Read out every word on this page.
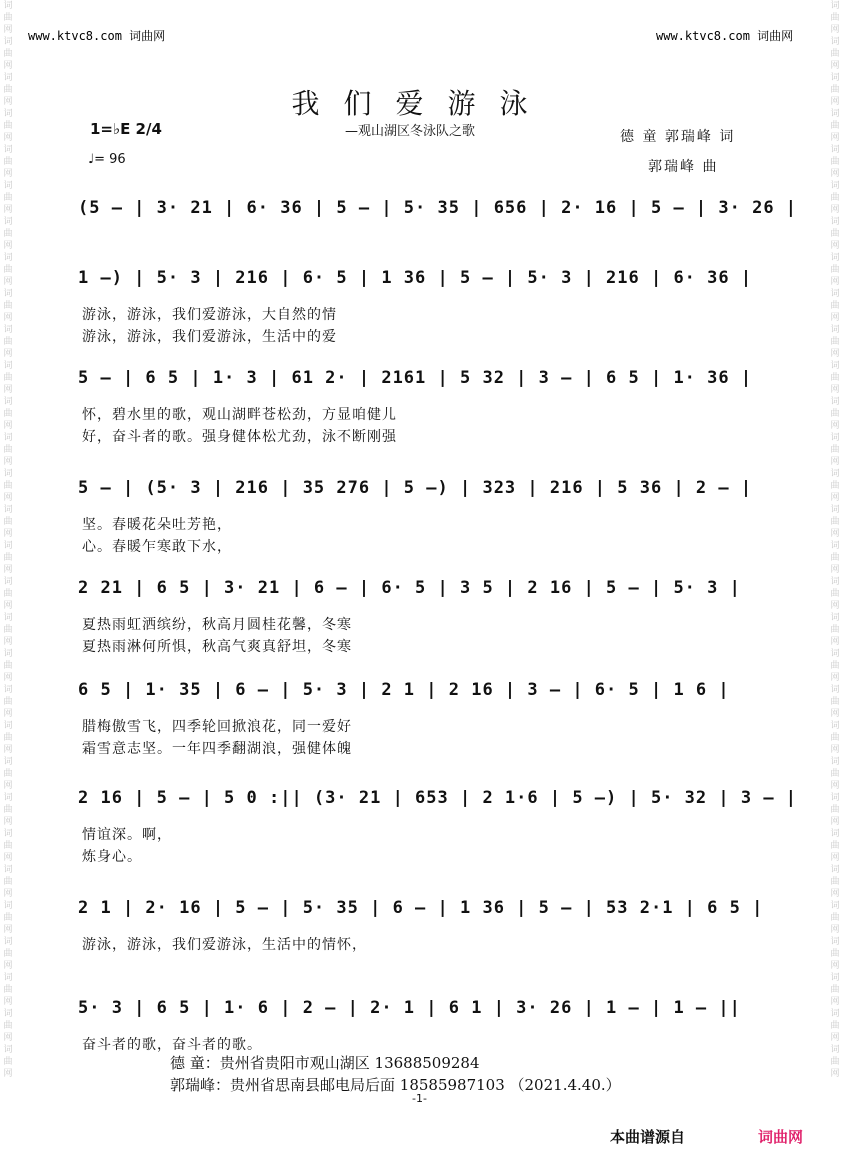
词曲网词曲网词曲网词曲网词曲网词曲网词曲网词曲网词曲网词曲网词曲网词曲网词曲网词曲网词曲网词曲网词曲网词曲网词曲网词曲网词曲网词曲网词曲网词曲网词曲网词曲网词曲网词曲网词曲网词曲网
词曲网词曲网词曲网词曲网词曲网词曲网词曲网词曲网词曲网词曲网词曲网词曲网词曲网词曲网词曲网词曲网词曲网词曲网词曲网词曲网词曲网词曲网词曲网词曲网词曲网词曲网词曲网词曲网词曲网词曲网
www.ktvc8.com 词曲网	www.ktvc8.com 词曲网
我们爱游泳
—观山湖区冬泳队之歌	德 童 郭瑞峰 词
郭瑞峰 曲
1=♭E 2/4
♩= 96
(5 – | 3· 21 | 6· 36 | 5 – | 5· 35 | 656 | 2· 16 | 5 – | 3· 26 |
1 –) | 5· 3 | 216 | 6· 5 | 1 36 | 5 – | 5· 3 | 216 | 6· 36 |
游泳，游泳，我们爱游泳，大自然的情
游泳，游泳，我们爱游泳，生活中的爱
5 – | 6 5 | 1· 3 | 61 2· | 2161 | 5 32 | 3 – | 6 5 | 1· 36 |
怀，碧水里的歌，观山湖畔苍松劲，方显咱健儿
好，奋斗者的歌。强身健体松尤劲，泳不断刚强
5 – | (5· 3 | 216 | 35 276 | 5 –) | 323 | 216 | 5 36 | 2 – |
坚。春暖花朵吐芳艳，
心。春暖乍寒敢下水，
2 21 | 6 5 | 3· 21 | 6 – | 6· 5 | 3 5 | 2 16 | 5 – | 5· 3 |
夏热雨虹洒缤纷，秋高月圆桂花馨，冬寒
夏热雨淋何所惧，秋高气爽真舒坦，冬寒
6 5 | 1· 35 | 6 – | 5· 3 | 2 1 | 2 16 | 3 – | 6· 5 | 1 6 |
腊梅傲雪飞，四季轮回掀浪花，同一爱好
霜雪意志坚。一年四季翻湖浪，强健体魄
2 16 | 5 – | 5 0 :|| (3· 21 | 653 | 2 1·6 | 5 –) | 5· 32 | 3 – |
情谊深。啊，
炼身心。
2 1 | 2· 16 | 5 – | 5· 35 | 6 – | 1 36 | 5 – | 53 2·1 | 6 5 |
游泳，游泳，我们爱游泳，生活中的情怀，
5· 3 | 6 5 | 1· 6 | 2 – | 2· 1 | 6 1 | 3· 26 | 1 – | 1 – ||
奋斗者的歌，奋斗者的歌。
德 童：贵州省贵阳市观山湖区 13688509284
郭瑞峰：贵州省思南县邮电局后面 18585987103 （2021.4.40.）
-1-
本曲谱源自	词曲网
